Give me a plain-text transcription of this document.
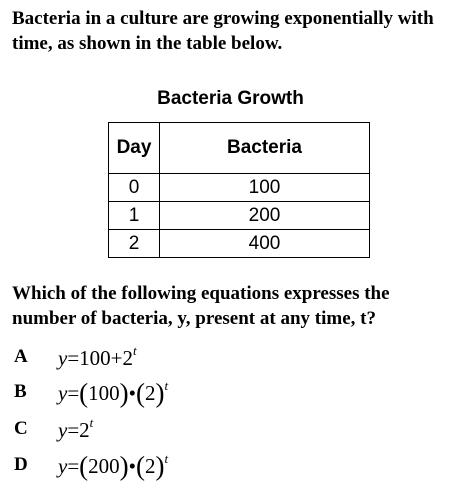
Bacteria in a culture are growing exponentially with time, as shown in the table below.
Bacteria Growth
Day	Bacteria
0	100
1	200
2	400
Which of the following equations expresses the number of bacteria, y, present at any time, t?
A	$y=100+2^t$
B	$y=(100)•(2)^t$
C	$y=2^t$
D	$y=(200)•(2)^t$
